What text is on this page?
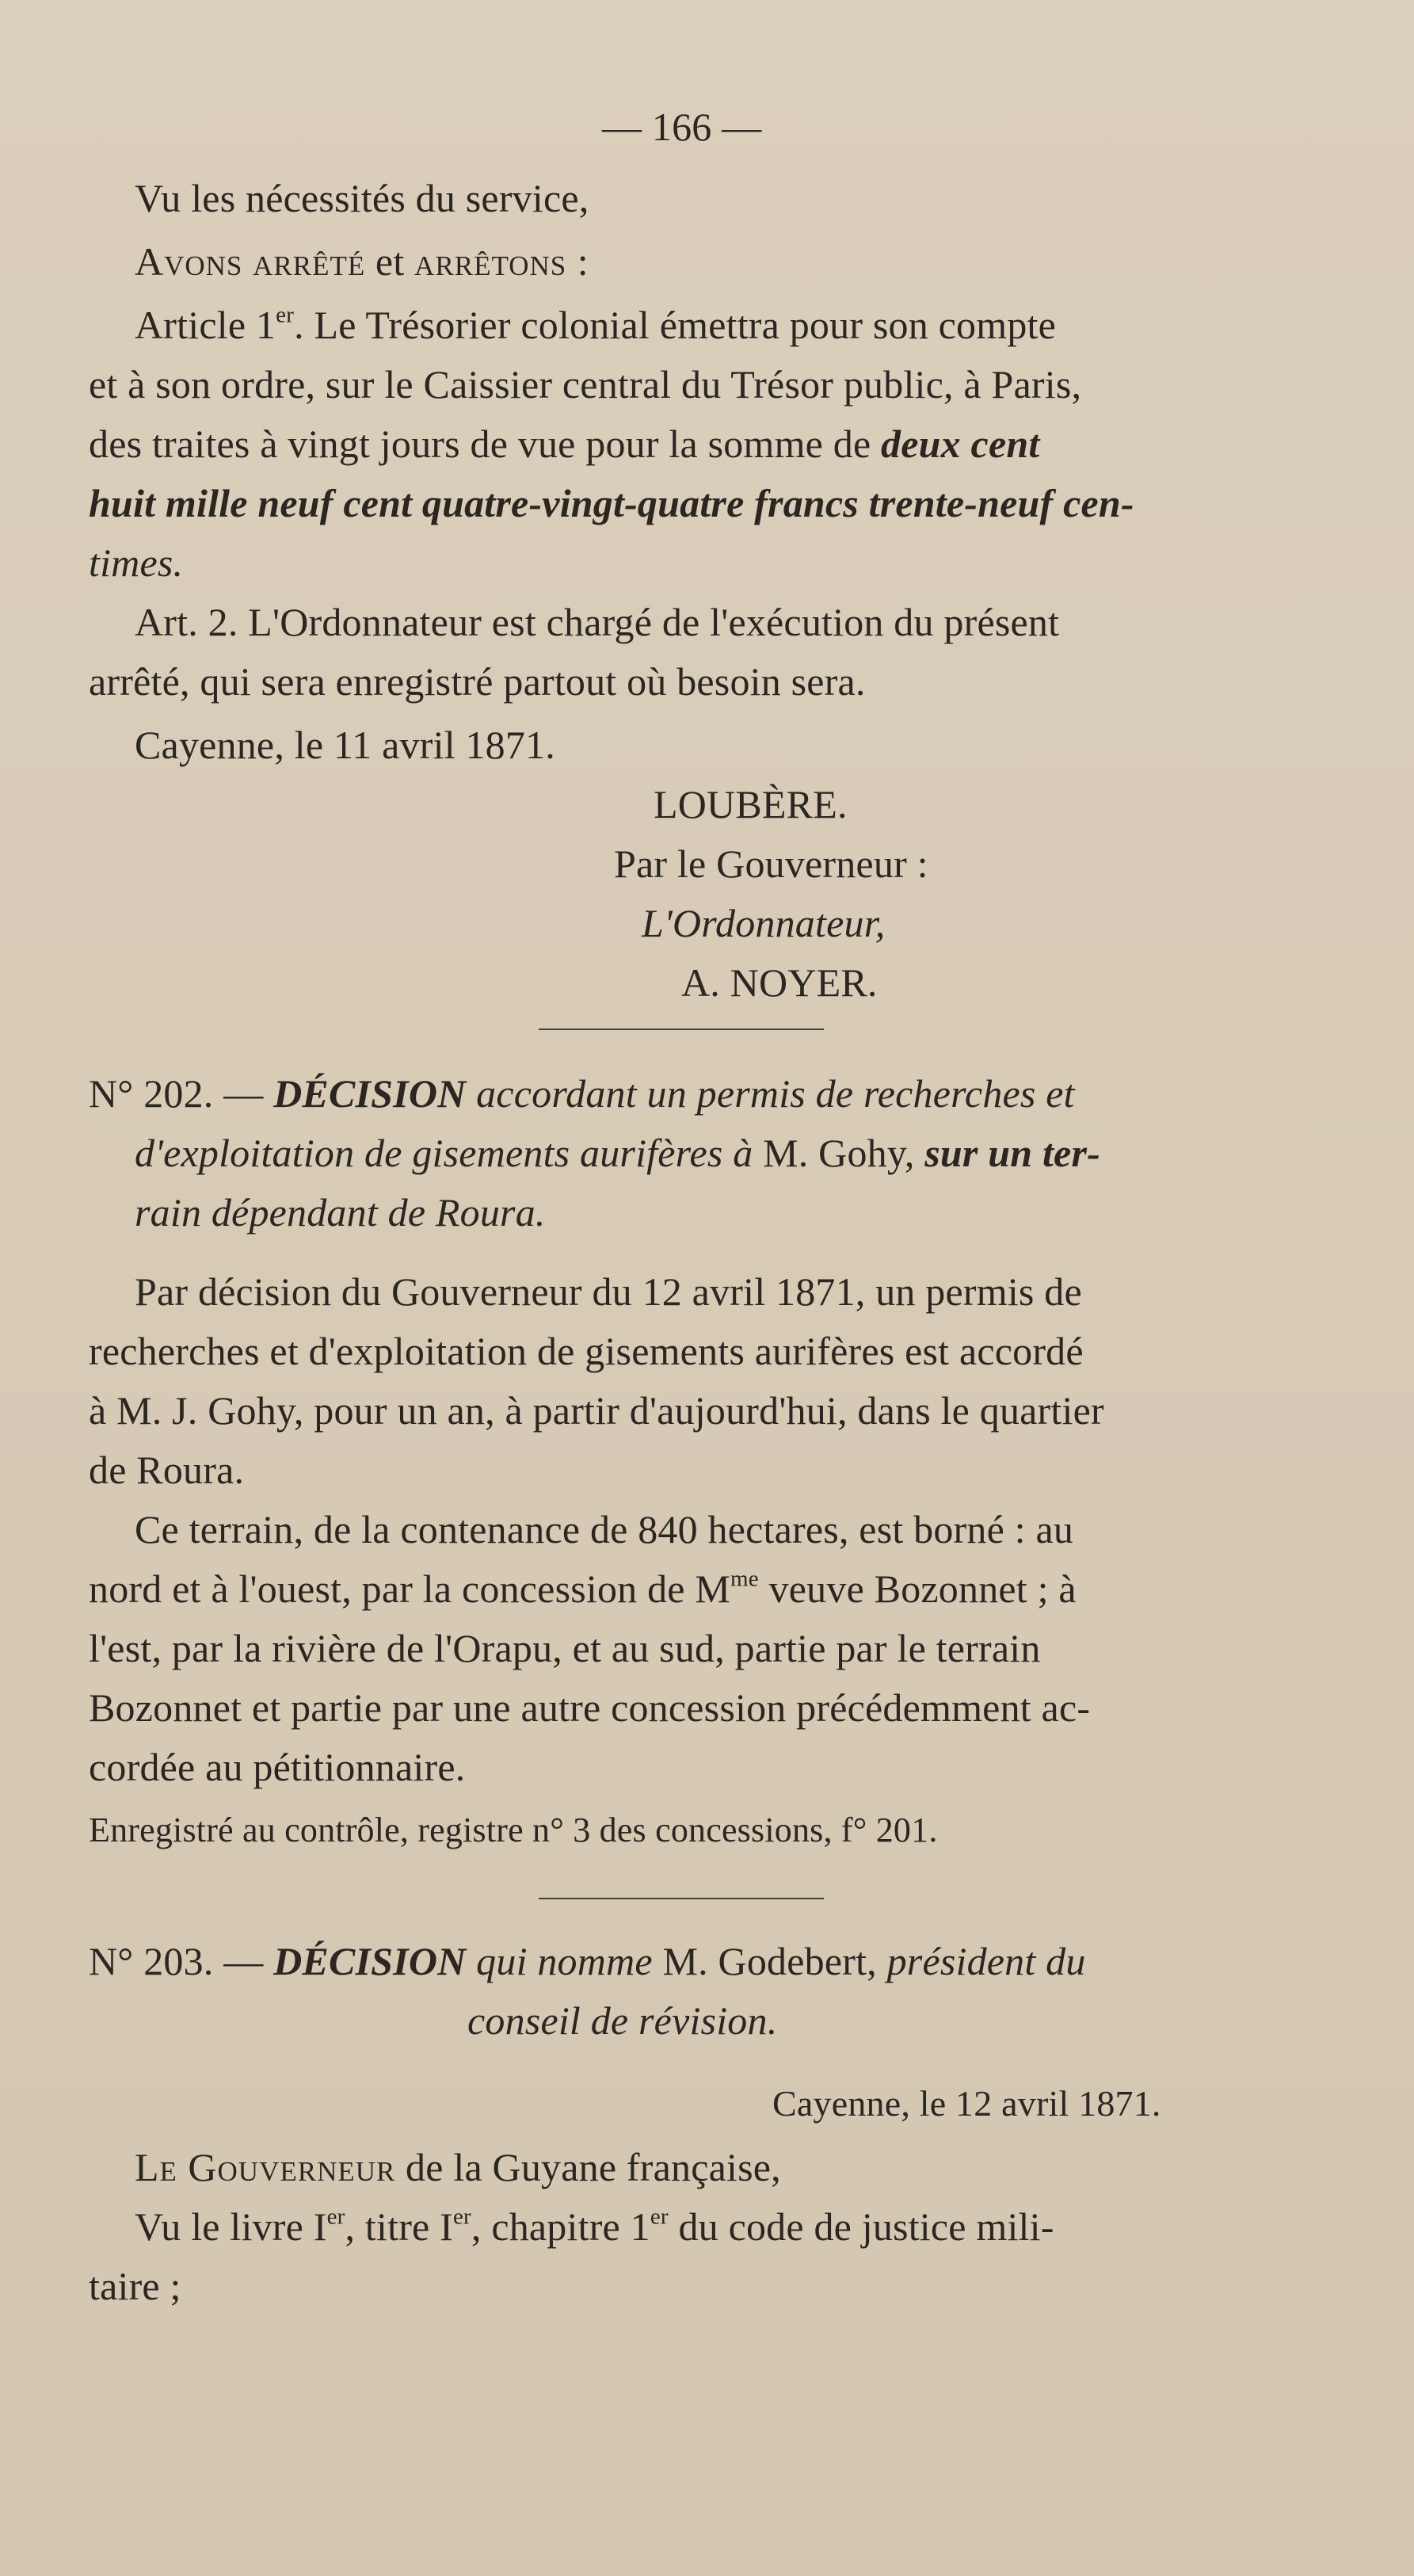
— 166 —
Vu les nécessités du service,
Avons arrêté et arrêtons :
Article 1er. Le Trésorier colonial émettra pour son compte
et à son ordre, sur le Caissier central du Trésor public, à Paris,
des traites à vingt jours de vue pour la somme de deux cent
huit mille neuf cent quatre-vingt-quatre francs trente-neuf cen-
times.
Art. 2. L'Ordonnateur est chargé de l'exécution du présent
arrêté, qui sera enregistré partout où besoin sera.
Cayenne, le 11 avril 1871.
LOUBÈRE.
Par le Gouverneur :
L'Ordonnateur,
A. NOYER.
N° 202. — DÉCISION accordant un permis de recherches et
d'exploitation de gisements aurifères à M. Gohy, sur un ter-
rain dépendant de Roura.
Par décision du Gouverneur du 12 avril 1871, un permis de
recherches et d'exploitation de gisements aurifères est accordé
à M. J. Gohy, pour un an, à partir d'aujourd'hui, dans le quartier
de Roura.
Ce terrain, de la contenance de 840 hectares, est borné : au
nord et à l'ouest, par la concession de $M^{me}$ veuve Bozonnet ; à
l'est, par la rivière de l'Orapu, et au sud, partie par le terrain
Bozonnet et partie par une autre concession précédemment ac-
cordée au pétitionnaire.
Enregistré au contrôle, registre n° 3 des concessions, f° 201.
N° 203. — DÉCISION qui nomme M. Godebert, président du
conseil de révision.
Cayenne, le 12 avril 1871.
Le Gouverneur de la Guyane française,
Vu le livre Ier, titre Ier, chapitre 1er du code de justice mili-
taire ;
